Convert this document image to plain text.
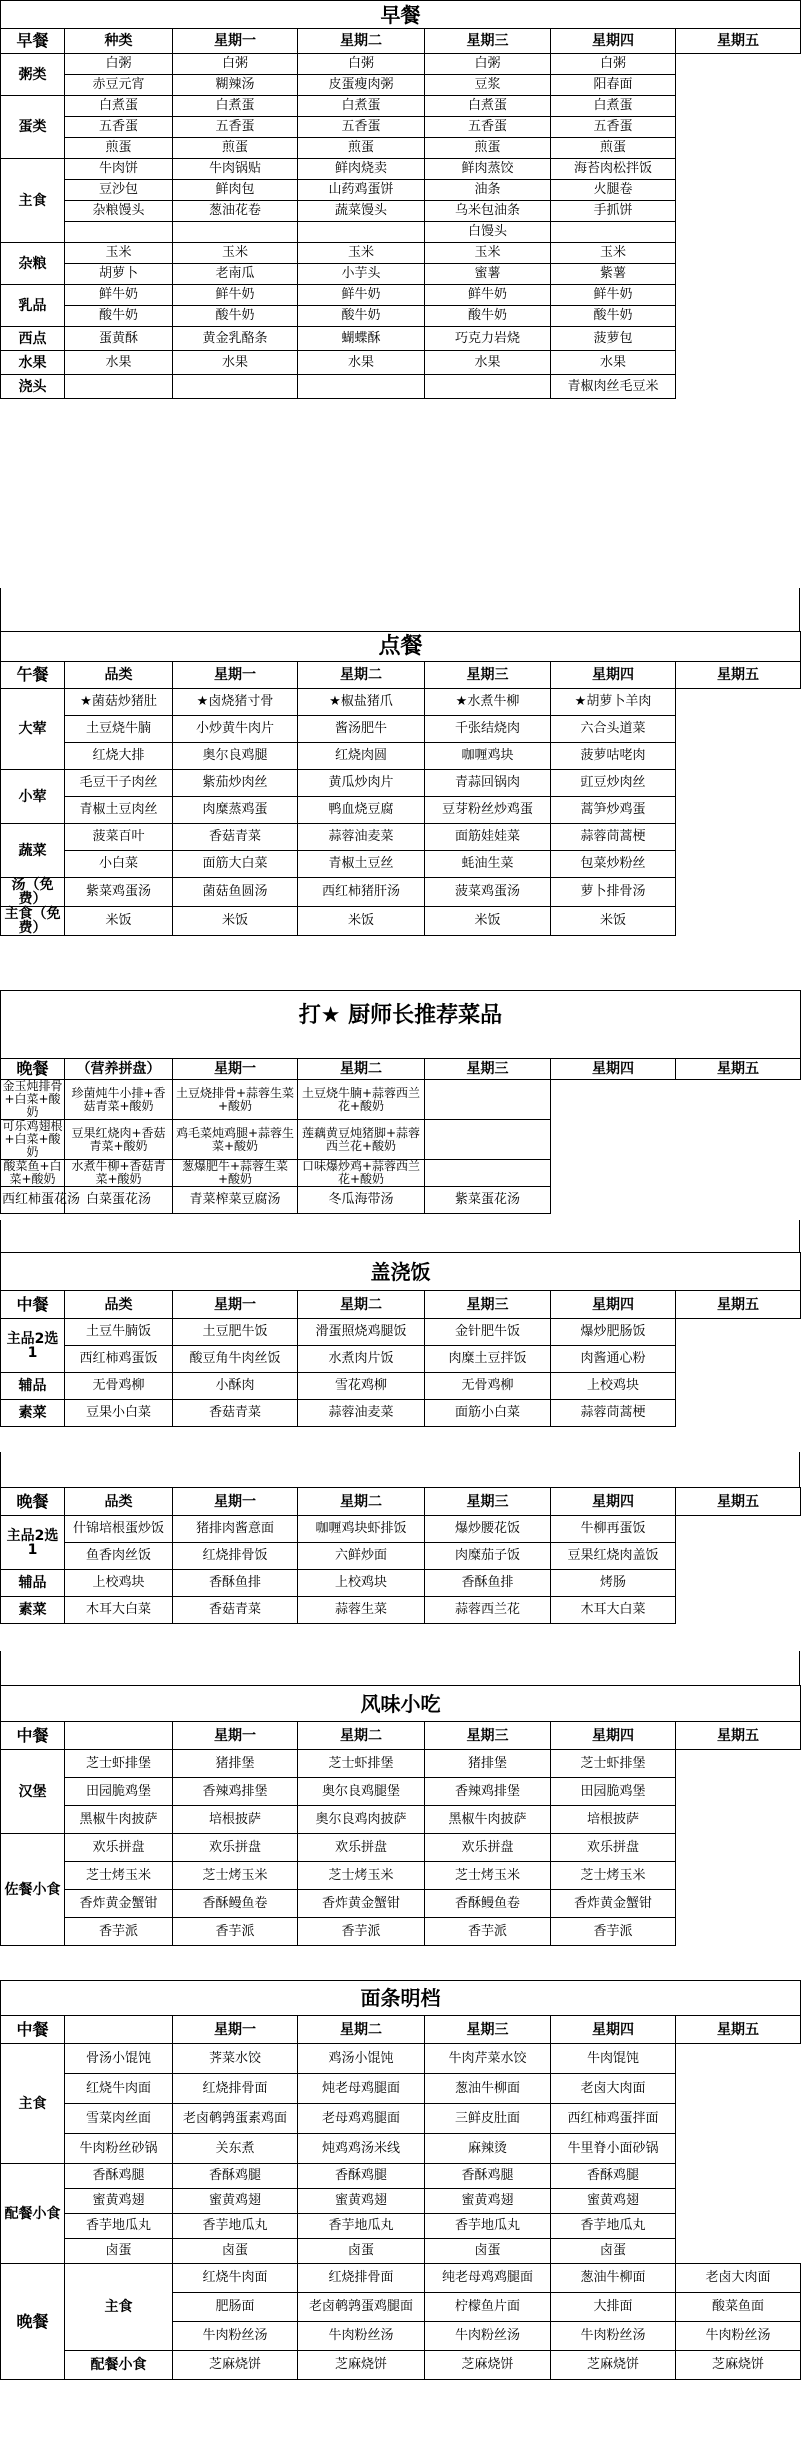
早餐						
早餐	种类	星期一	星期二	星期三	星期四	星期五
粥类	白粥	白粥	白粥	白粥	白粥	
	赤豆元宵	糊辣汤	皮蛋瘦肉粥	豆浆	阳春面	
蛋类	白煮蛋	白煮蛋	白煮蛋	白煮蛋	白煮蛋	
	五香蛋	五香蛋	五香蛋	五香蛋	五香蛋	
	煎蛋	煎蛋	煎蛋	煎蛋	煎蛋	
主食	牛肉饼	牛肉锅贴	鲜肉烧卖	鲜肉蒸饺	海苔肉松拌饭	
	豆沙包	鲜肉包	山药鸡蛋饼	油条	火腿卷	
	杂粮馒头	葱油花卷	蔬菜馒头	乌米包油条	手抓饼	
				白馒头		
杂粮	玉米	玉米	玉米	玉米	玉米	
	胡萝卜	老南瓜	小芋头	蜜薯	紫薯	
乳品	鲜牛奶	鲜牛奶	鲜牛奶	鲜牛奶	鲜牛奶	
	酸牛奶	酸牛奶	酸牛奶	酸牛奶	酸牛奶	
西点	蛋黄酥	黄金乳酪条	蝴蝶酥	巧克力岩烧	菠萝包	
水果	水果	水果	水果	水果	水果	
浇头					青椒肉丝毛豆米	
点餐						
午餐	品类	星期一	星期二	星期三	星期四	星期五
大荤	★菌菇炒猪肚	★卤烧猪寸骨	★椒盐猪爪	★水煮牛柳	★胡萝卜羊肉	
	土豆烧牛腩	小炒黄牛肉片	酱汤肥牛	千张结烧肉	六合头道菜	
	红烧大排	奥尔良鸡腿	红烧肉圆	咖喱鸡块	菠萝咕咾肉	
小荤	毛豆干子肉丝	紫茄炒肉丝	黄瓜炒肉片	青蒜回锅肉	豇豆炒肉丝	
	青椒土豆肉丝	肉糜蒸鸡蛋	鸭血烧豆腐	豆芽粉丝炒鸡蛋	蒿笋炒鸡蛋	
蔬菜	菠菜百叶	香菇青菜	蒜蓉油麦菜	面筋娃娃菜	蒜蓉茼蒿梗	
	小白菜	面筋大白菜	青椒土豆丝	蚝油生菜	包菜炒粉丝	
汤（免费）	紫菜鸡蛋汤	菌菇鱼圆汤	西红柿猪肝汤	菠菜鸡蛋汤	萝卜排骨汤	
主食（免费）	米饭	米饭	米饭	米饭	米饭	
打★ 厨师长推荐菜品						

晚餐	（营养拼盘）	星期一	星期二	星期三	星期四	星期五
金玉炖排骨+白菜+酸奶	珍菌炖牛小排+香菇青菜+酸奶	土豆烧排骨+蒜蓉生菜+酸奶	土豆烧牛腩+蒜蓉西兰花+酸奶			
可乐鸡翅根+白菜+酸奶	豆果红烧肉+香菇青菜+酸奶	鸡毛菜炖鸡腿+蒜蓉生菜+酸奶	莲藕黄豆炖猪脚+蒜蓉西兰花+酸奶			
酸菜鱼+白菜+酸奶	水煮牛柳+香菇青菜+酸奶	葱爆肥牛+蒜蓉生菜+酸奶	口味爆炒鸡+蒜蓉西兰花+酸奶			
西红柿蛋花汤	白菜蛋花汤	青菜榨菜豆腐汤	冬瓜海带汤	紫菜蛋花汤		
盖浇饭						
中餐	品类	星期一	星期二	星期三	星期四	星期五
主品2选1	土豆牛腩饭	土豆肥牛饭	滑蛋照烧鸡腿饭	金针肥牛饭	爆炒肥肠饭	
	西红柿鸡蛋饭	酸豆角牛肉丝饭	水煮肉片饭	肉糜土豆拌饭	肉酱通心粉	
辅品	无骨鸡柳	小酥肉	雪花鸡柳	无骨鸡柳	上校鸡块	
素菜	豆果小白菜	香菇青菜	蒜蓉油麦菜	面筋小白菜	蒜蓉茼蒿梗	
晚餐	品类	星期一	星期二	星期三	星期四	星期五
主品2选1	什锦培根蛋炒饭	猪排肉酱意面	咖喱鸡块虾排饭	爆炒腰花饭	牛柳再蛋饭	
	鱼香肉丝饭	红烧排骨饭	六鲜炒面	肉糜茄子饭	豆果红烧肉盖饭	
辅品	上校鸡块	香酥鱼排	上校鸡块	香酥鱼排	烤肠	
素菜	木耳大白菜	香菇青菜	蒜蓉生菜	蒜蓉西兰花	木耳大白菜	
风味小吃						
中餐		星期一	星期二	星期三	星期四	星期五
汉堡	芝士虾排堡	猪排堡	芝士虾排堡	猪排堡	芝士虾排堡	
	田园脆鸡堡	香辣鸡排堡	奥尔良鸡腿堡	香辣鸡排堡	田园脆鸡堡	
	黑椒牛肉披萨	培根披萨	奥尔良鸡肉披萨	黑椒牛肉披萨	培根披萨	
佐餐小食	欢乐拼盘	欢乐拼盘	欢乐拼盘	欢乐拼盘	欢乐拼盘	
	芝士烤玉米	芝士烤玉米	芝士烤玉米	芝士烤玉米	芝士烤玉米	
	香炸黄金蟹钳	香酥鳗鱼卷	香炸黄金蟹钳	香酥鳗鱼卷	香炸黄金蟹钳	
	香芋派	香芋派	香芋派	香芋派	香芋派	
面条明档						
中餐		星期一	星期二	星期三	星期四	星期五
主食	骨汤小馄饨	荠菜水饺	鸡汤小馄饨	牛肉芹菜水饺	牛肉馄饨	
	红烧牛肉面	红烧排骨面	炖老母鸡腿面	葱油牛柳面	老卤大肉面	
	雪菜肉丝面	老卤鹌鹑蛋素鸡面	老母鸡鸡腿面	三鲜皮肚面	西红柿鸡蛋拌面	
	牛肉粉丝砂锅	关东煮	炖鸡鸡汤米线	麻辣烫	牛里脊小面砂锅	
配餐小食	香酥鸡腿	香酥鸡腿	香酥鸡腿	香酥鸡腿	香酥鸡腿	
	蜜黄鸡翅	蜜黄鸡翅	蜜黄鸡翅	蜜黄鸡翅	蜜黄鸡翅	
	香芋地瓜丸	香芋地瓜丸	香芋地瓜丸	香芋地瓜丸	香芋地瓜丸	
	卤蛋	卤蛋	卤蛋	卤蛋	卤蛋	
晚餐	主食	红烧牛肉面	红烧排骨面	纯老母鸡鸡腿面	葱油牛柳面	老卤大肉面
		肥肠面	老卤鹌鹑蛋鸡腿面	柠檬鱼片面	大排面	酸菜鱼面
		牛肉粉丝汤	牛肉粉丝汤	牛肉粉丝汤	牛肉粉丝汤	牛肉粉丝汤
	配餐小食	芝麻烧饼	芝麻烧饼	芝麻烧饼	芝麻烧饼	芝麻烧饼
